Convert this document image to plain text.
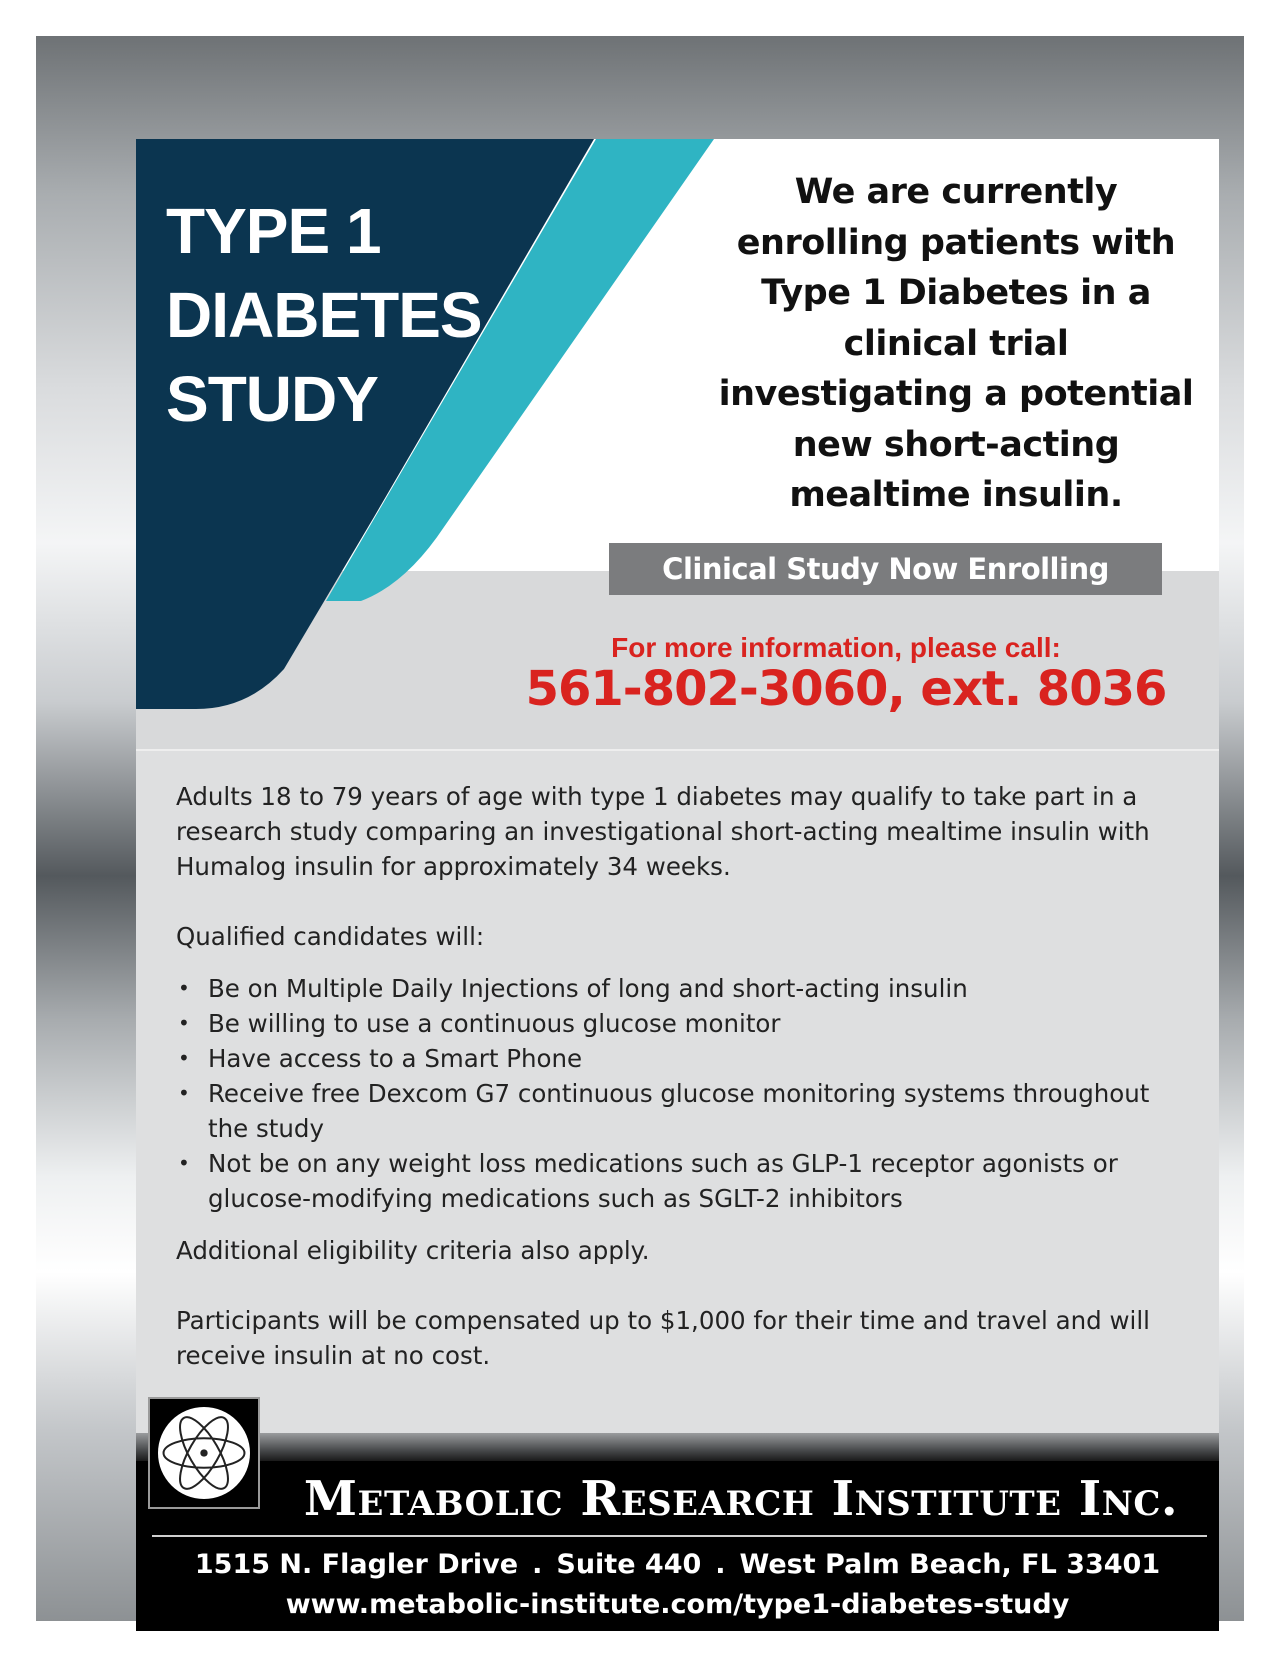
TYPE 1
DIABETES
STUDY
We are currently enrolling patients with Type 1 Diabetes in a clinical trial investigating a potential new short-acting mealtime insulin.
Clinical Study Now Enrolling
For more information, please call:
561-802-3060, ext. 8036

Adults 18 to 79 years of age with type 1 diabetes may qualify to take part in a research study comparing an investigational short-acting mealtime insulin with Humalog insulin for approximately 34 weeks.

Qualified candidates will:

• Be on Multiple Daily Injections of long and short-acting insulin
• Be willing to use a continuous glucose monitor
• Have access to a Smart Phone
• Receive free Dexcom G7 continuous glucose monitoring systems throughout the study
• Not be on any weight loss medications such as GLP-1 receptor agonists or glucose-modifying medications such as SGLT-2 inhibitors

Additional eligibility criteria also apply.

Participants will be compensated up to $1,000 for their time and travel and will receive insulin at no cost.

Metabolic Research Institute Inc.
1515 N. Flagler Drive . Suite 440 . West Palm Beach, FL 33401
www.metabolic-institute.com/type1-diabetes-study
